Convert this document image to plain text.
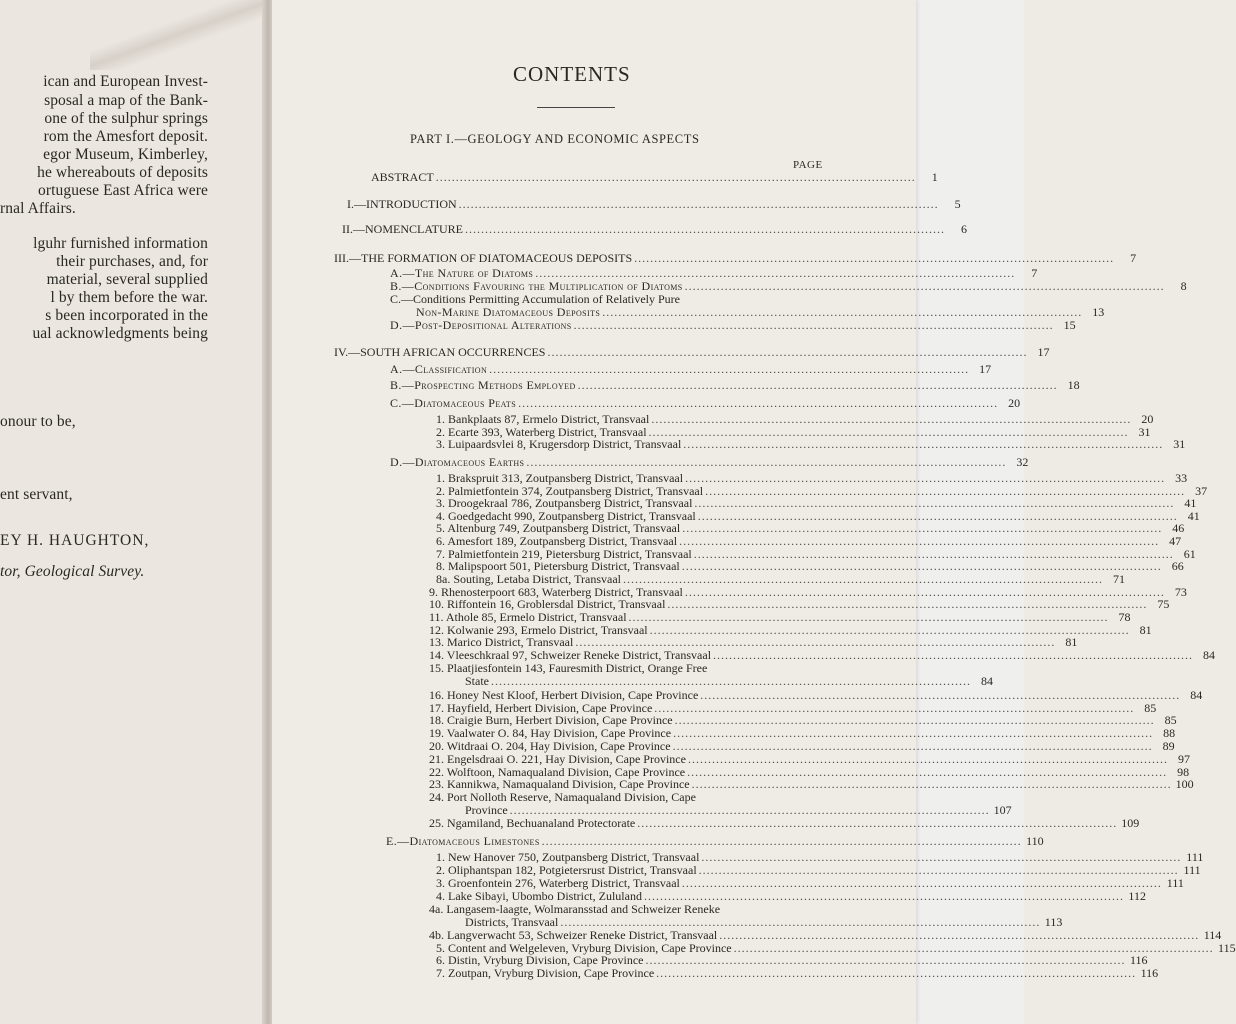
ican and European Invest-
sposal a map of the Bank-
one of the sulphur springs
rom the Amesfort deposit.
egor Museum, Kimberley,
he whereabouts of deposits
ortuguese East Africa were
rnal Affairs.
lguhr furnished information
their purchases, and, for
material, several supplied
l by them before the war.
s been incorporated in the
ual acknowledgments being
onour to be,
ent servant,
EY H. HAUGHTON,
tor, Geological Survey.
CONTENTS
PART I.—GEOLOGY AND ECONOMIC ASPECTS
PAGE
ABSTRACT ........................................................................................................................	1
I.—INTRODUCTION ........................................................................................................................	5
II.—NOMENCLATURE ........................................................................................................................	6
III.—THE FORMATION OF DIATOMACEOUS DEPOSITS ........................................................................................................................	7
A.—The Nature of Diatoms ........................................................................................................................	7
B.—Conditions Favouring the Multiplication of Diatoms ........................................................................................................................	8
C.—Conditions Permitting Accumulation of Relatively Pure
Non-Marine Diatomaceous Deposits ........................................................................................................................ 13
D.—Post-Depositional Alterations ........................................................................................................................ 15
IV.—SOUTH AFRICAN OCCURRENCES ........................................................................................................................ 17
A.—Classification ........................................................................................................................ 17
B.—Prospecting Methods Employed ........................................................................................................................ 18
C.—Diatomaceous Peats ........................................................................................................................ 20
1. Bankplaats 87, Ermelo District, Transvaal ........................................................................................................................ 20
2. Ecarte 393, Waterberg District, Transvaal ........................................................................................................................ 31
3. Luipaardsvlei 8, Krugersdorp District, Transvaal ........................................................................................................................ 31
D.—Diatomaceous Earths ........................................................................................................................ 32
1. Brakspruit 313, Zoutpansberg District, Transvaal ........................................................................................................................ 33
2. Palmietfontein 374, Zoutpansberg District, Transvaal ........................................................................................................................ 37
3. Droogekraal 786, Zoutpansberg District, Transvaal ........................................................................................................................ 41
4. Goedgedacht 990, Zoutpansberg District, Transvaal ........................................................................................................................ 41
5. Altenburg 749, Zoutpansberg District, Transvaal ........................................................................................................................ 46
6. Amesfort 189, Zoutpansberg District, Transvaal ........................................................................................................................ 47
7. Palmietfontein 219, Pietersburg District, Transvaal ........................................................................................................................ 61
8. Malipspoort 501, Pietersburg District, Transvaal ........................................................................................................................ 66
8a. Souting, Letaba District, Transvaal ........................................................................................................................ 71
9. Rhenosterpoort 683, Waterberg District, Transvaal ........................................................................................................................ 73
10. Riffontein 16, Groblersdal District, Transvaal ........................................................................................................................ 75
11. Athole 85, Ermelo District, Transvaal ........................................................................................................................ 78
12. Kolwanie 293, Ermelo District, Transvaal ........................................................................................................................ 81
13. Marico District, Transvaal ........................................................................................................................ 81
14. Vleeschkraal 97, Schweizer Reneke District, Transvaal ........................................................................................................................ 84
15. Plaatjiesfontein 143, Fauresmith District, Orange Free
State ........................................................................................................................ 84
16. Honey Nest Kloof, Herbert Division, Cape Province ........................................................................................................................ 84
17. Hayfield, Herbert Division, Cape Province ........................................................................................................................ 85
18. Craigie Burn, Herbert Division, Cape Province ........................................................................................................................ 85
19. Vaalwater O. 84, Hay Division, Cape Province ........................................................................................................................ 88
20. Witdraai O. 204, Hay Division, Cape Province ........................................................................................................................ 89
21. Engelsdraai O. 221, Hay Division, Cape Province ........................................................................................................................ 97
22. Wolftoon, Namaqualand Division, Cape Province ........................................................................................................................ 98
23. Kannikwa, Namaqualand Division, Cape Province ........................................................................................................................ 100
24. Port Nolloth Reserve, Namaqualand Division, Cape
Province ........................................................................................................................ 107
25. Ngamiland, Bechuanaland Protectorate ........................................................................................................................ 109
E.—Diatomaceous Limestones ........................................................................................................................ 110
1. New Hanover 750, Zoutpansberg District, Transvaal ........................................................................................................................ 111
2. Oliphantspan 182, Potgietersrust District, Transvaal ........................................................................................................................ 111
3. Groenfontein 276, Waterberg District, Transvaal ........................................................................................................................ 111
4. Lake Sibayi, Ubombo District, Zululand ........................................................................................................................ 112
4a. Langasem-laagte, Wolmaransstad and Schweizer Reneke
Districts, Transvaal ........................................................................................................................ 113
4b. Langverwacht 53, Schweizer Reneke District, Transvaal ........................................................................................................................ 114
5. Content and Welgeleven, Vryburg Division, Cape Province ........................................................................................................................ 115
6. Distin, Vryburg Division, Cape Province ........................................................................................................................ 116
7. Zoutpan, Vryburg Division, Cape Province ........................................................................................................................ 116
